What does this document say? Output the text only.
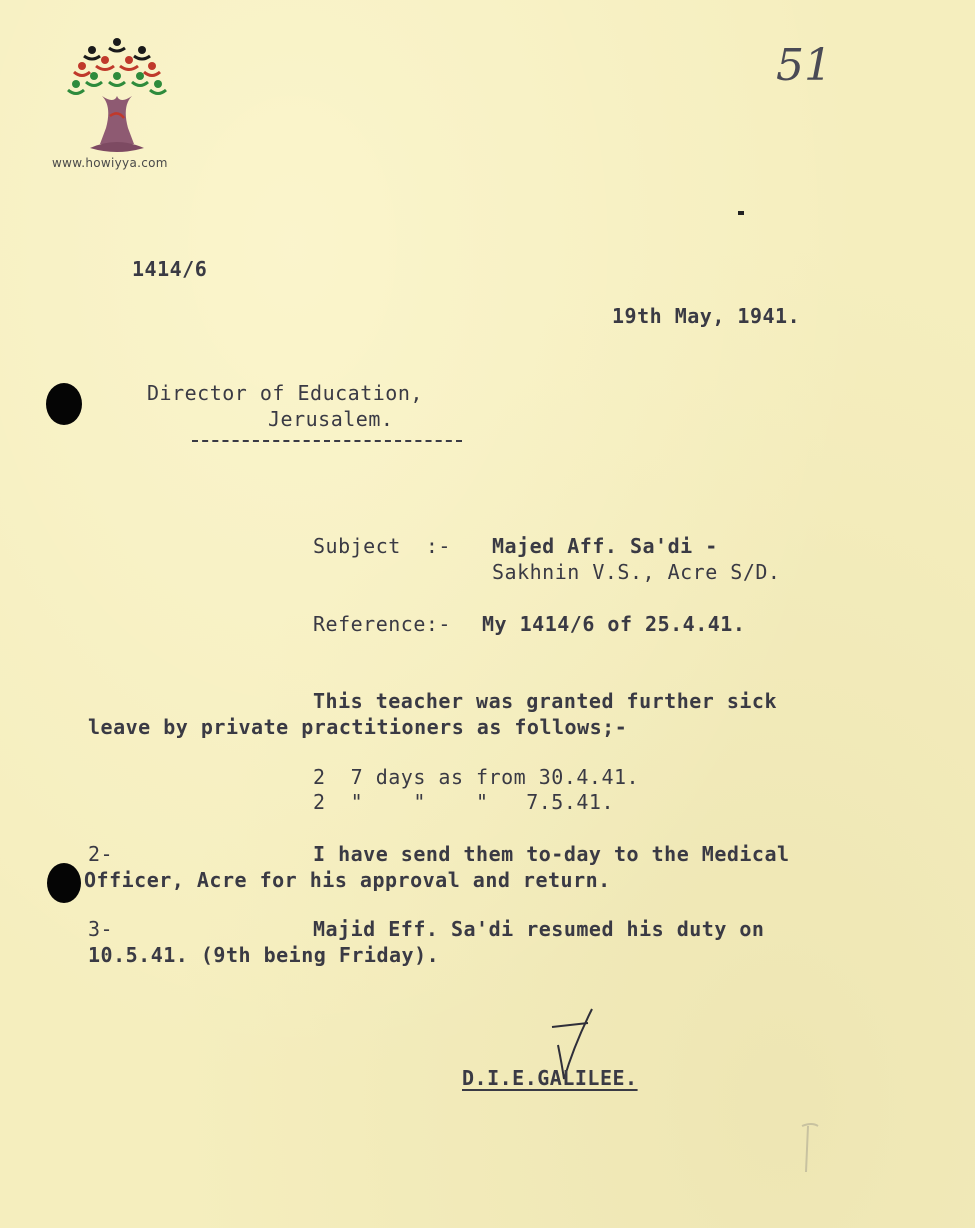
www.howiyya.com
51
1414/6
19th May, 1941.
Director of Education,
Jerusalem.
Subject  :- Majed Aff. Sa'di -
Sakhnin V.S., Acre S/D.
Reference:- My 1414/6 of 25.4.41.
This teacher was granted further sick
leave by private practitioners as follows;-
2  7 days as from 30.4.41.
2  "    "    "   7.5.41.
2-	I have send them to-day to the Medical
Officer, Acre for his approval and return.
3-	Majid Eff. Sa'di resumed his duty on
10.5.41. (9th being Friday).
D.I.E.GALILEE.
